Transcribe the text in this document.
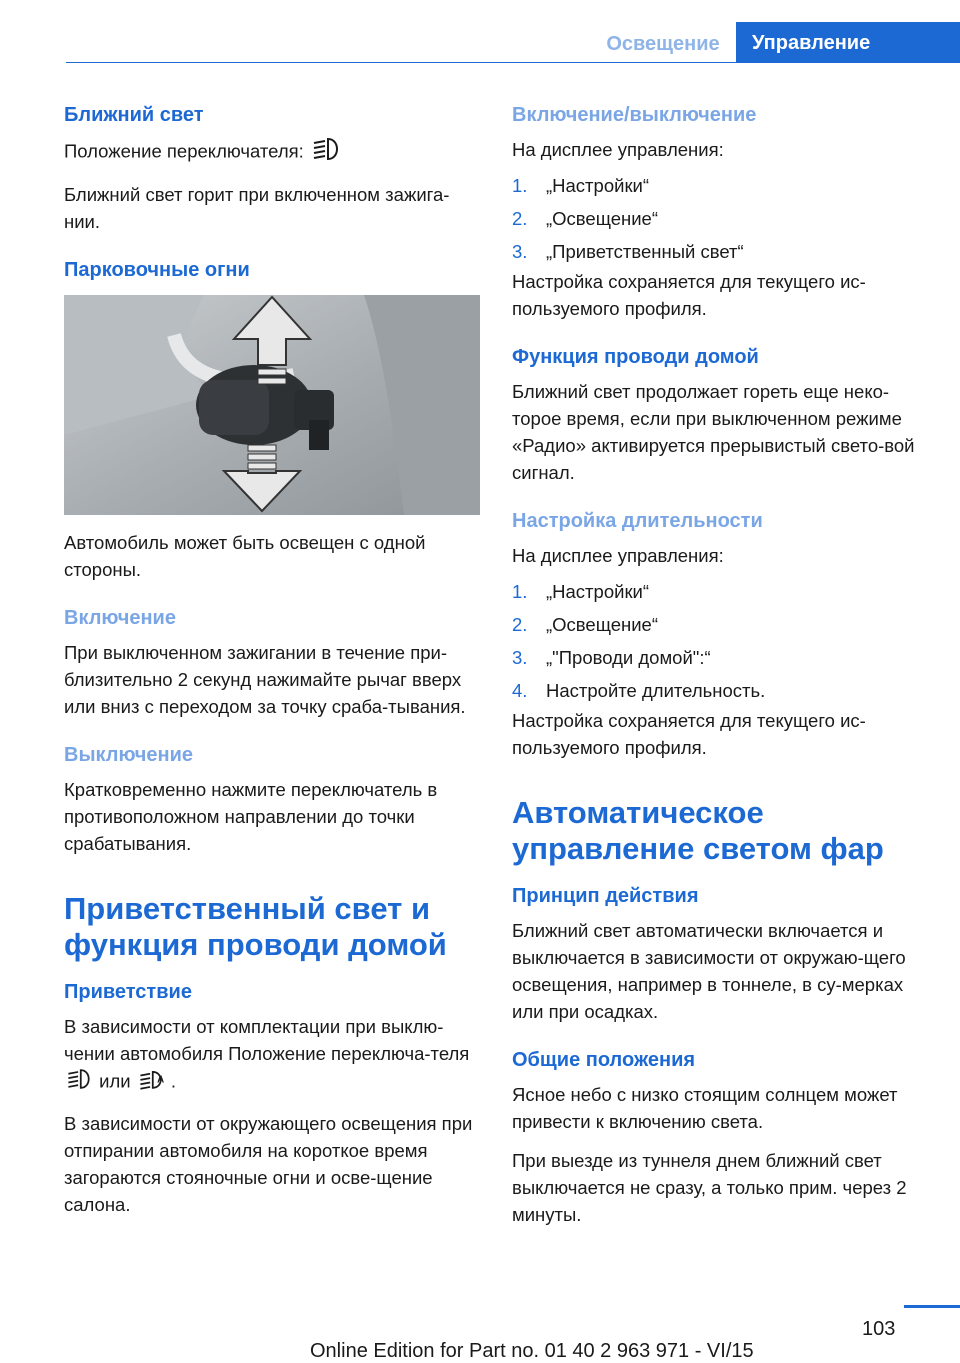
Освещение	Управление
Ближний свет

Положение переключателя:

Ближний свет горит при включенном зажига-нии.

Парковочные огни

Автомобиль может быть освещен с одной стороны.

Включение

При выключенном зажигании в течение при-близительно 2 секунд нажимайте рычаг вверх или вниз с переходом за точку сраба-тывания.

Выключение

Кратковременно нажмите переключатель в противоположном направлении до точки срабатывания.

Приветственный свет и функция проводи домой
Приветствие

В зависимости от комплектации при выклю-чении автомобиля Положение переключа-теля  или A .

В зависимости от окружающего освещения при отпирании автомобиля на короткое время загораются стояночные огни и осве-щение салона.

Включение/выключение

На дисплее управления:

1.	„Настройки“
2.	„Освещение“
3.	„Приветственный свет“

Настройка сохраняется для текущего ис-пользуемого профиля.

Функция проводи домой

Ближний свет продолжает гореть еще неко-торое время, если при выключенном режиме «Радио» активируется прерывистый свето-вой сигнал.

Настройка длительности

На дисплее управления:

1.	„Настройки“
2.	„Освещение“
3.	„"Проводи домой":“
4.	Настройте длительность.

Настройка сохраняется для текущего ис-пользуемого профиля.

Автоматическое управление светом фар
Принцип действия

Ближний свет автоматически включается и выключается в зависимости от окружаю-щего освещения, например в тоннеле, в су-мерках или при осадках.

Общие положения

Ясное небо с низко стоящим солнцем может привести к включению света.

При выезде из туннеля днем ближний свет выключается не сразу, а только прим. через 2 минуты.

103
Online Edition for Part no. 01 40 2 963 971 - VI/15
